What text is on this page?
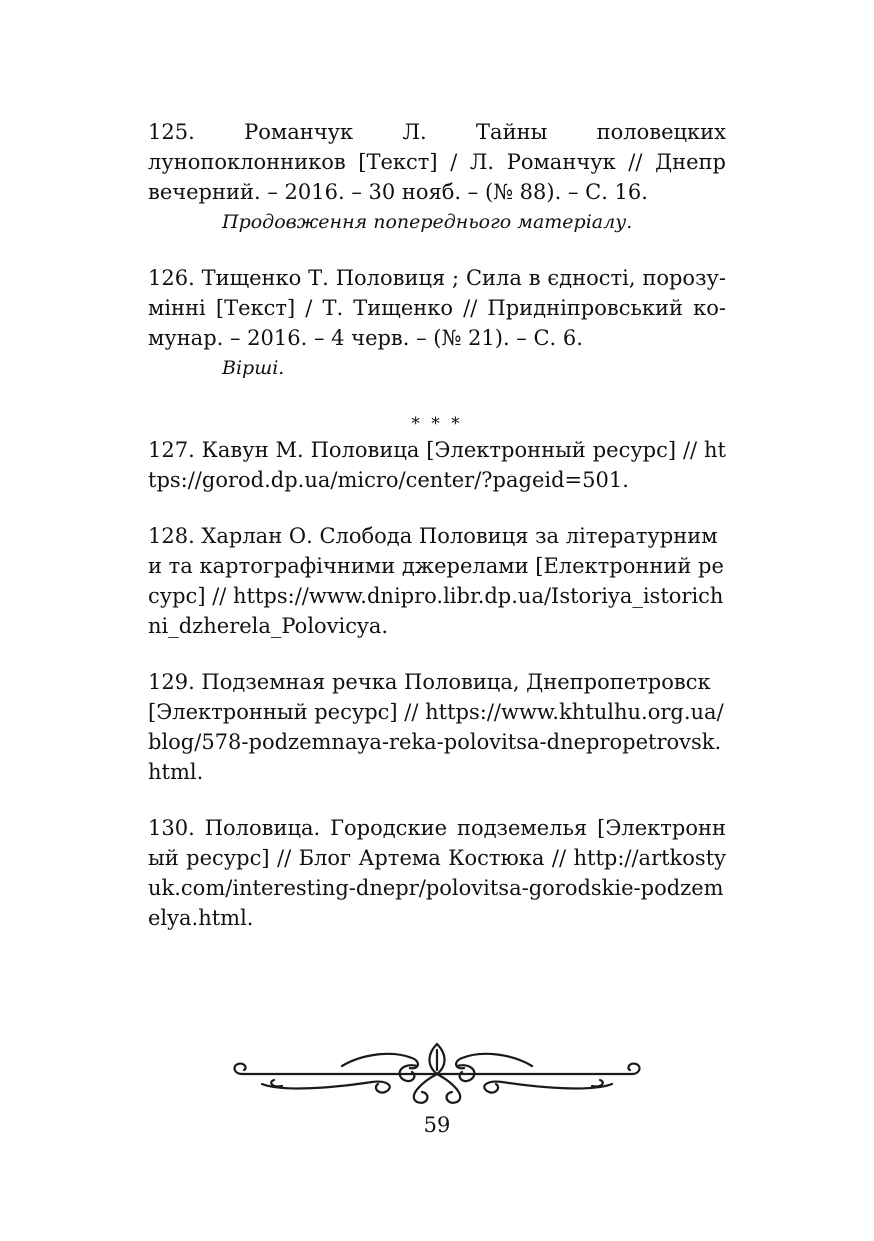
125. Романчук Л. Тайны половецких лунопоклонников [Текст] / Л. Романчук // Днепр вечерний. – 2016. – 30 нояб. – (№ 88). – С. 16.

Продовження попереднього матеріалу.

126. Тищенко Т. Половиця ; Сила в єдності, порозумінні [Текст] / Т. Тищенко // Придніпровський комунар. – 2016. – 4 черв. – (№ 21). – С. 6.

Вірші.

* * *

127. Кавун М. Половица [Электронный ресурс] // https://gorod.dp.ua/micro/center/?pageid=501.

128. Харлан О. Слобода Половиця за літературними та картографічними джерелами [Електронний ресурс] // https://www.dnipro.libr.dp.ua/Istoriya_istorichni_dzherela_Polovicya.

129. Подземная речка Половица, Днепропетровск [Электронный ресурс] // https://www.khtulhu.org.ua/blog/578-podzemnaya-reka-polovitsa-dnepropetrovsk.html.

130. Половица. Городские подземелья [Электронный ресурс] // Блог Артема Костюка // http://artkostyuk.com/interesting-dnepr/polovitsa-gorodskie-podzemelya.html.

59
